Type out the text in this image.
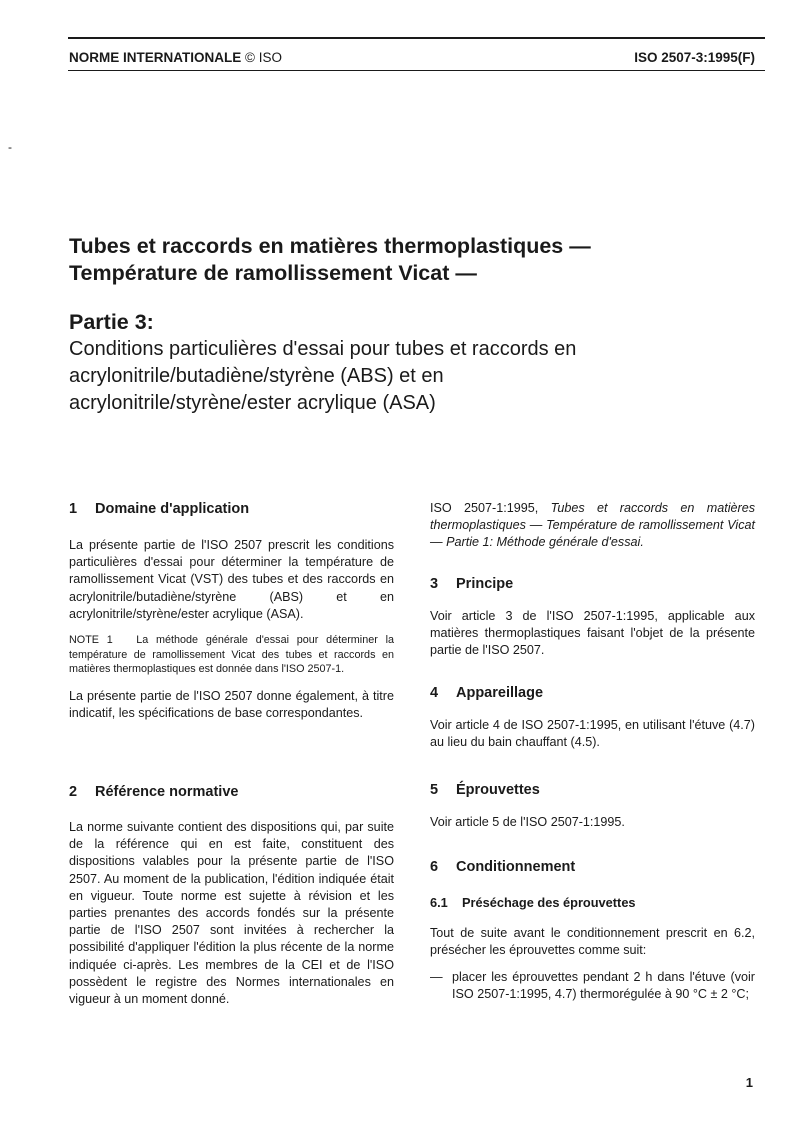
NORME INTERNATIONALE © ISO	ISO 2507-3:1995(F)
-
Tubes et raccords en matières thermoplastiques —
Température de ramollissement Vicat —
Partie 3:
Conditions particulières d'essai pour tubes et raccords en
acrylonitrile/butadiène/styrène (ABS) et en
acrylonitrile/styrène/ester acrylique (ASA)
1 Domaine d'application

La présente partie de l'ISO 2507 prescrit les conditions particulières d'essai pour déterminer la température de ramollissement Vicat (VST) des tubes et des raccords en acrylonitrile/butadiène/styrène (ABS) et en acrylonitrile/styrène/ester acrylique (ASA).

NOTE 1 La méthode générale d'essai pour déterminer la température de ramollissement Vicat des tubes et raccords en matières thermoplastiques est donnée dans l'ISO 2507-1.

La présente partie de l'ISO 2507 donne également, à titre indicatif, les spécifications de base correspondantes.

2 Référence normative

La norme suivante contient des dispositions qui, par suite de la référence qui en est faite, constituent des dispositions valables pour la présente partie de l'ISO 2507. Au moment de la publication, l'édition indiquée était en vigueur. Toute norme est sujette à révision et les parties prenantes des accords fondés sur la présente partie de l'ISO 2507 sont invitées à rechercher la possibilité d'appliquer l'édition la plus récente de la norme indiquée ci-après. Les membres de la CEI et de l'ISO possèdent le registre des Normes internationales en vigueur à un moment donné.

ISO 2507-1:1995, Tubes et raccords en matières thermoplastiques — Température de ramollissement Vicat — Partie 1: Méthode générale d'essai.

3 Principe

Voir article 3 de l'ISO 2507-1:1995, applicable aux matières thermoplastiques faisant l'objet de la présente partie de l'ISO 2507.

4 Appareillage

Voir article 4 de ISO 2507-1:1995, en utilisant l'étuve (4.7) au lieu du bain chauffant (4.5).

5 Éprouvettes

Voir article 5 de l'ISO 2507-1:1995.

6 Conditionnement
6.1 Préséchage des éprouvettes

Tout de suite avant le conditionnement prescrit en 6.2, présécher les éprouvettes comme suit:

— placer les éprouvettes pendant 2 h dans l'étuve (voir ISO 2507-1:1995, 4.7) thermorégulée à 90 °C ± 2 °C;
1
